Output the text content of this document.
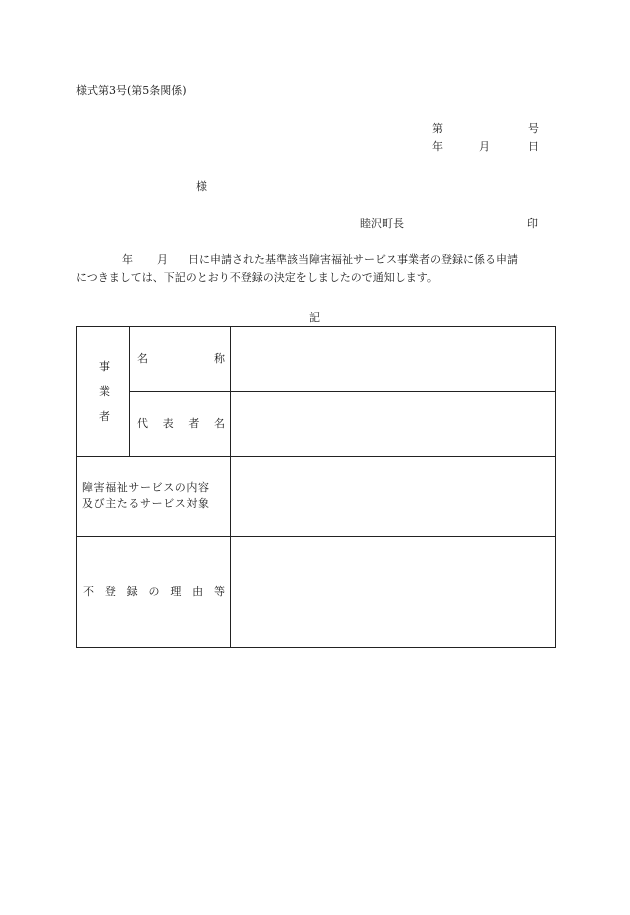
様式第3号(第5条関係)
第	号
年	月	日
様
睦沢町長	印
年 月 日に申請された基準該当障害福祉サービス事業者の登録に係る申請
につきましては、下記のとおり不登録の決定をしましたので通知します。
記
事
業
者
名	称
代 表 者 名
障害福祉サービスの内容
及び主たるサービス対象
不 登 録 の 理 由 等
